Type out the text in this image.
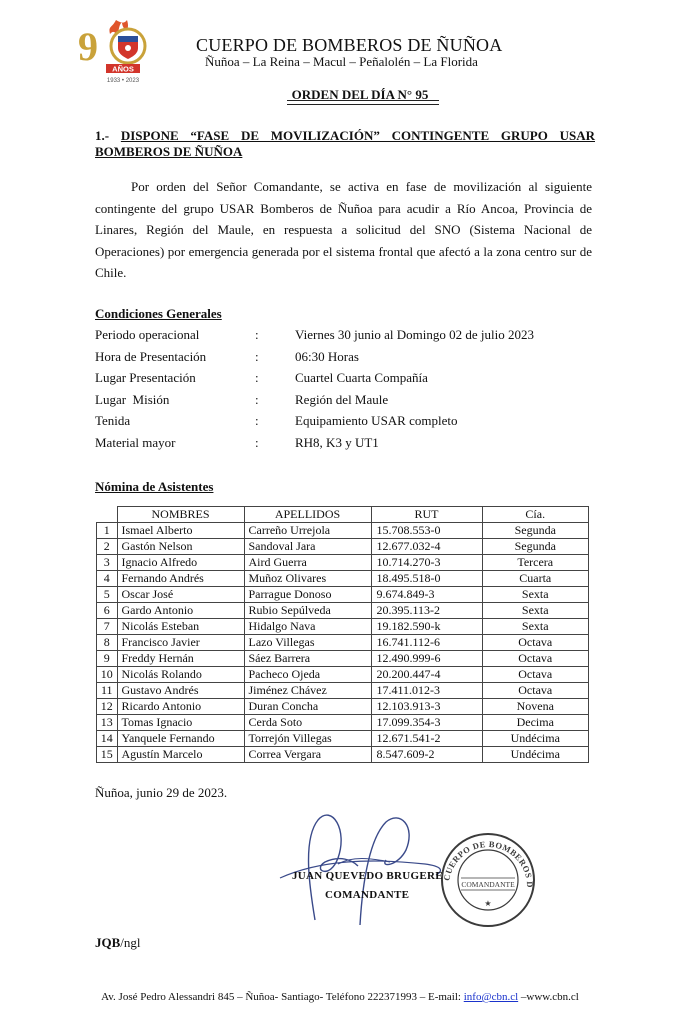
9 AÑOS
1933 • 2023
CUERPO DE BOMBEROS DE ÑUÑOA
Ñuñoa – La Reina – Macul – Peñalolén – La Florida
ORDEN DEL DÍA N° 95
1.- DISPONE “FASE DE MOVILIZACIÓN” CONTINGENTE GRUPO USAR BOMBEROS DE ÑUÑOA
Por orden del Señor Comandante, se activa en fase de movilización al siguiente contingente del grupo USAR Bomberos de Ñuñoa para acudir a Río Ancoa, Provincia de Linares, Región del Maule, en respuesta a solicitud del SNO (Sistema Nacional de Operaciones) por emergencia generada por el sistema frontal que afectó a la zona centro sur de Chile.
Condiciones Generales
Periodo operacional	:	Viernes 30 junio al Domingo 02 de julio 2023
Hora de Presentación	:	06:30 Horas
Lugar Presentación	:	Cuartel Cuarta Compañía
Lugar  Misión	:	Región del Maule
Tenida	:	Equipamiento USAR completo
Material mayor	:	RH8, K3 y UT1
Nómina de Asistentes
	NOMBRES	APELLIDOS	RUT	Cía.
1	Ismael Alberto	Carreño Urrejola	15.708.553-0	Segunda
2	Gastón Nelson	Sandoval Jara	12.677.032-4	Segunda
3	Ignacio Alfredo	Aird Guerra	10.714.270-3	Tercera
4	Fernando Andrés	Muñoz Olivares	18.495.518-0	Cuarta
5	Oscar José	Parrague Donoso	9.674.849-3	Sexta
6	Gardo Antonio	Rubio Sepúlveda	20.395.113-2	Sexta
7	Nicolás Esteban	Hidalgo Nava	19.182.590-k	Sexta
8	Francisco Javier	Lazo Villegas	16.741.112-6	Octava
9	Freddy Hernán	Sáez Barrera	12.490.999-6	Octava
10	Nicolás Rolando	Pacheco Ojeda	20.200.447-4	Octava
11	Gustavo Andrés	Jiménez Chávez	17.411.012-3	Octava
12	Ricardo Antonio	Duran Concha	12.103.913-3	Novena
13	Tomas Ignacio	Cerda Soto	17.099.354-3	Decima
14	Yanquele Fernando	Torrejón Villegas	12.671.541-2	Undécima
15	Agustín Marcelo	Correa Vergara	8.547.609-2	Undécima
Ñuñoa, junio 29 de 2023.
CUERPO DE BOMBEROS DE ÑUÑOA
COMANDANTE
★
JUAN QUEVEDO BRUGERE
COMANDANTE
JQB/ngl
Av. José Pedro Alessandri 845 – Ñuñoa- Santiago- Teléfono 222371993 – E-mail: info@cbn.cl –www.cbn.cl
